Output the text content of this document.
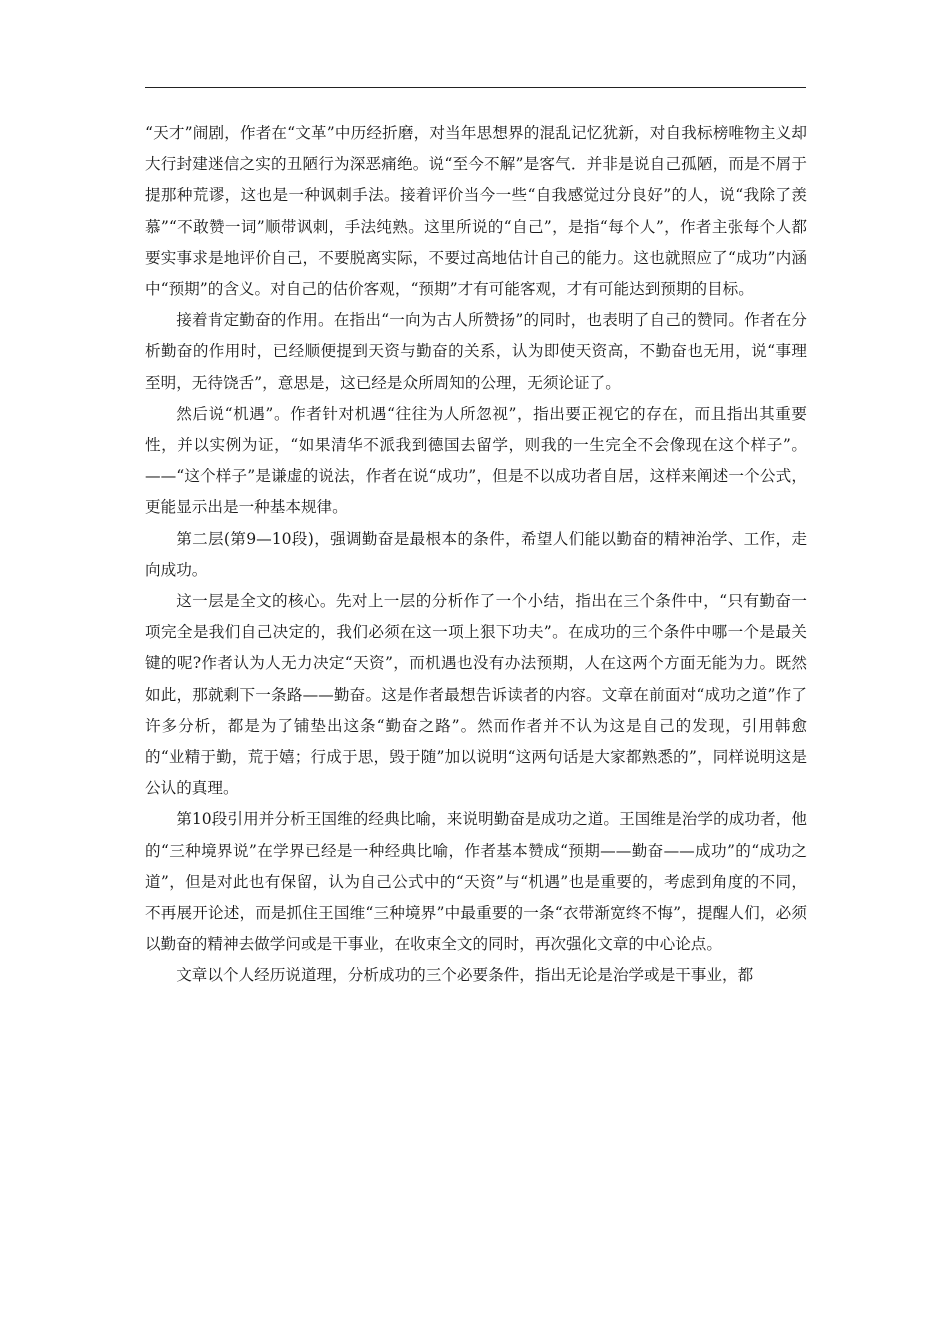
“天才”闹剧，作者在“文革”中历经折磨，对当年思想界的混乱记忆犹新，对自我标榜唯物主义却大行封建迷信之实的丑陋行为深恶痛绝。说“至今不解”是客气．并非是说自己孤陋，而是不屑于提那种荒谬，这也是一种讽刺手法。接着评价当今一些“自我感觉过分良好”的人，说“我除了羡慕”“不敢赞一词”顺带讽刺，手法纯熟。这里所说的“自己”，是指“每个人”，作者主张每个人都要实事求是地评价自己，不要脱离实际，不要过高地估计自己的能力。这也就照应了“成功”内涵中“预期”的含义。对自己的估价客观，“预期”才有可能客观，才有可能达到预期的目标。

接着肯定勤奋的作用。在指出“一向为古人所赞扬”的同时，也表明了自己的赞同。作者在分析勤奋的作用时，已经顺便提到天资与勤奋的关系，认为即使天资高，不勤奋也无用，说“事理至明，无待饶舌”，意思是，这已经是众所周知的公理，无须论证了。

然后说“机遇”。作者针对机遇“往往为人所忽视”，指出要正视它的存在，而且指出其重要性，并以实例为证，“如果清华不派我到德国去留学，则我的一生完全不会像现在这个样子”。——“这个样子”是谦虚的说法，作者在说“成功”，但是不以成功者自居，这样来阐述一个公式，更能显示出是一种基本规律。

第二层(第9—10段)，强调勤奋是最根本的条件，希望人们能以勤奋的精神治学、工作，走向成功。

这一层是全文的核心。先对上一层的分析作了一个小结，指出在三个条件中，“只有勤奋一项完全是我们自己决定的，我们必须在这一项上狠下功夫”。在成功的三个条件中哪一个是最关键的呢?作者认为人无力决定“天资”，而机遇也没有办法预期，人在这两个方面无能为力。既然如此，那就剩下一条路——勤奋。这是作者最想告诉读者的内容。文章在前面对“成功之道”作了许多分析，都是为了铺垫出这条“勤奋之路”。然而作者并不认为这是自己的发现，引用韩愈的“业精于勤，荒于嬉；行成于思，毁于随”加以说明“这两句话是大家都熟悉的”，同样说明这是公认的真理。

第10段引用并分析王国维的经典比喻，来说明勤奋是成功之道。王国维是治学的成功者，他的“三种境界说”在学界已经是一种经典比喻，作者基本赞成“预期——勤奋——成功”的“成功之道”，但是对此也有保留，认为自己公式中的“天资”与“机遇”也是重要的，考虑到角度的不同，不再展开论述，而是抓住王国维“三种境界”中最重要的一条“衣带渐宽终不悔”，提醒人们，必须以勤奋的精神去做学问或是干事业，在收束全文的同时，再次强化文章的中心论点。

文章以个人经历说道理，分析成功的三个必要条件，指出无论是治学或是干事业，都
